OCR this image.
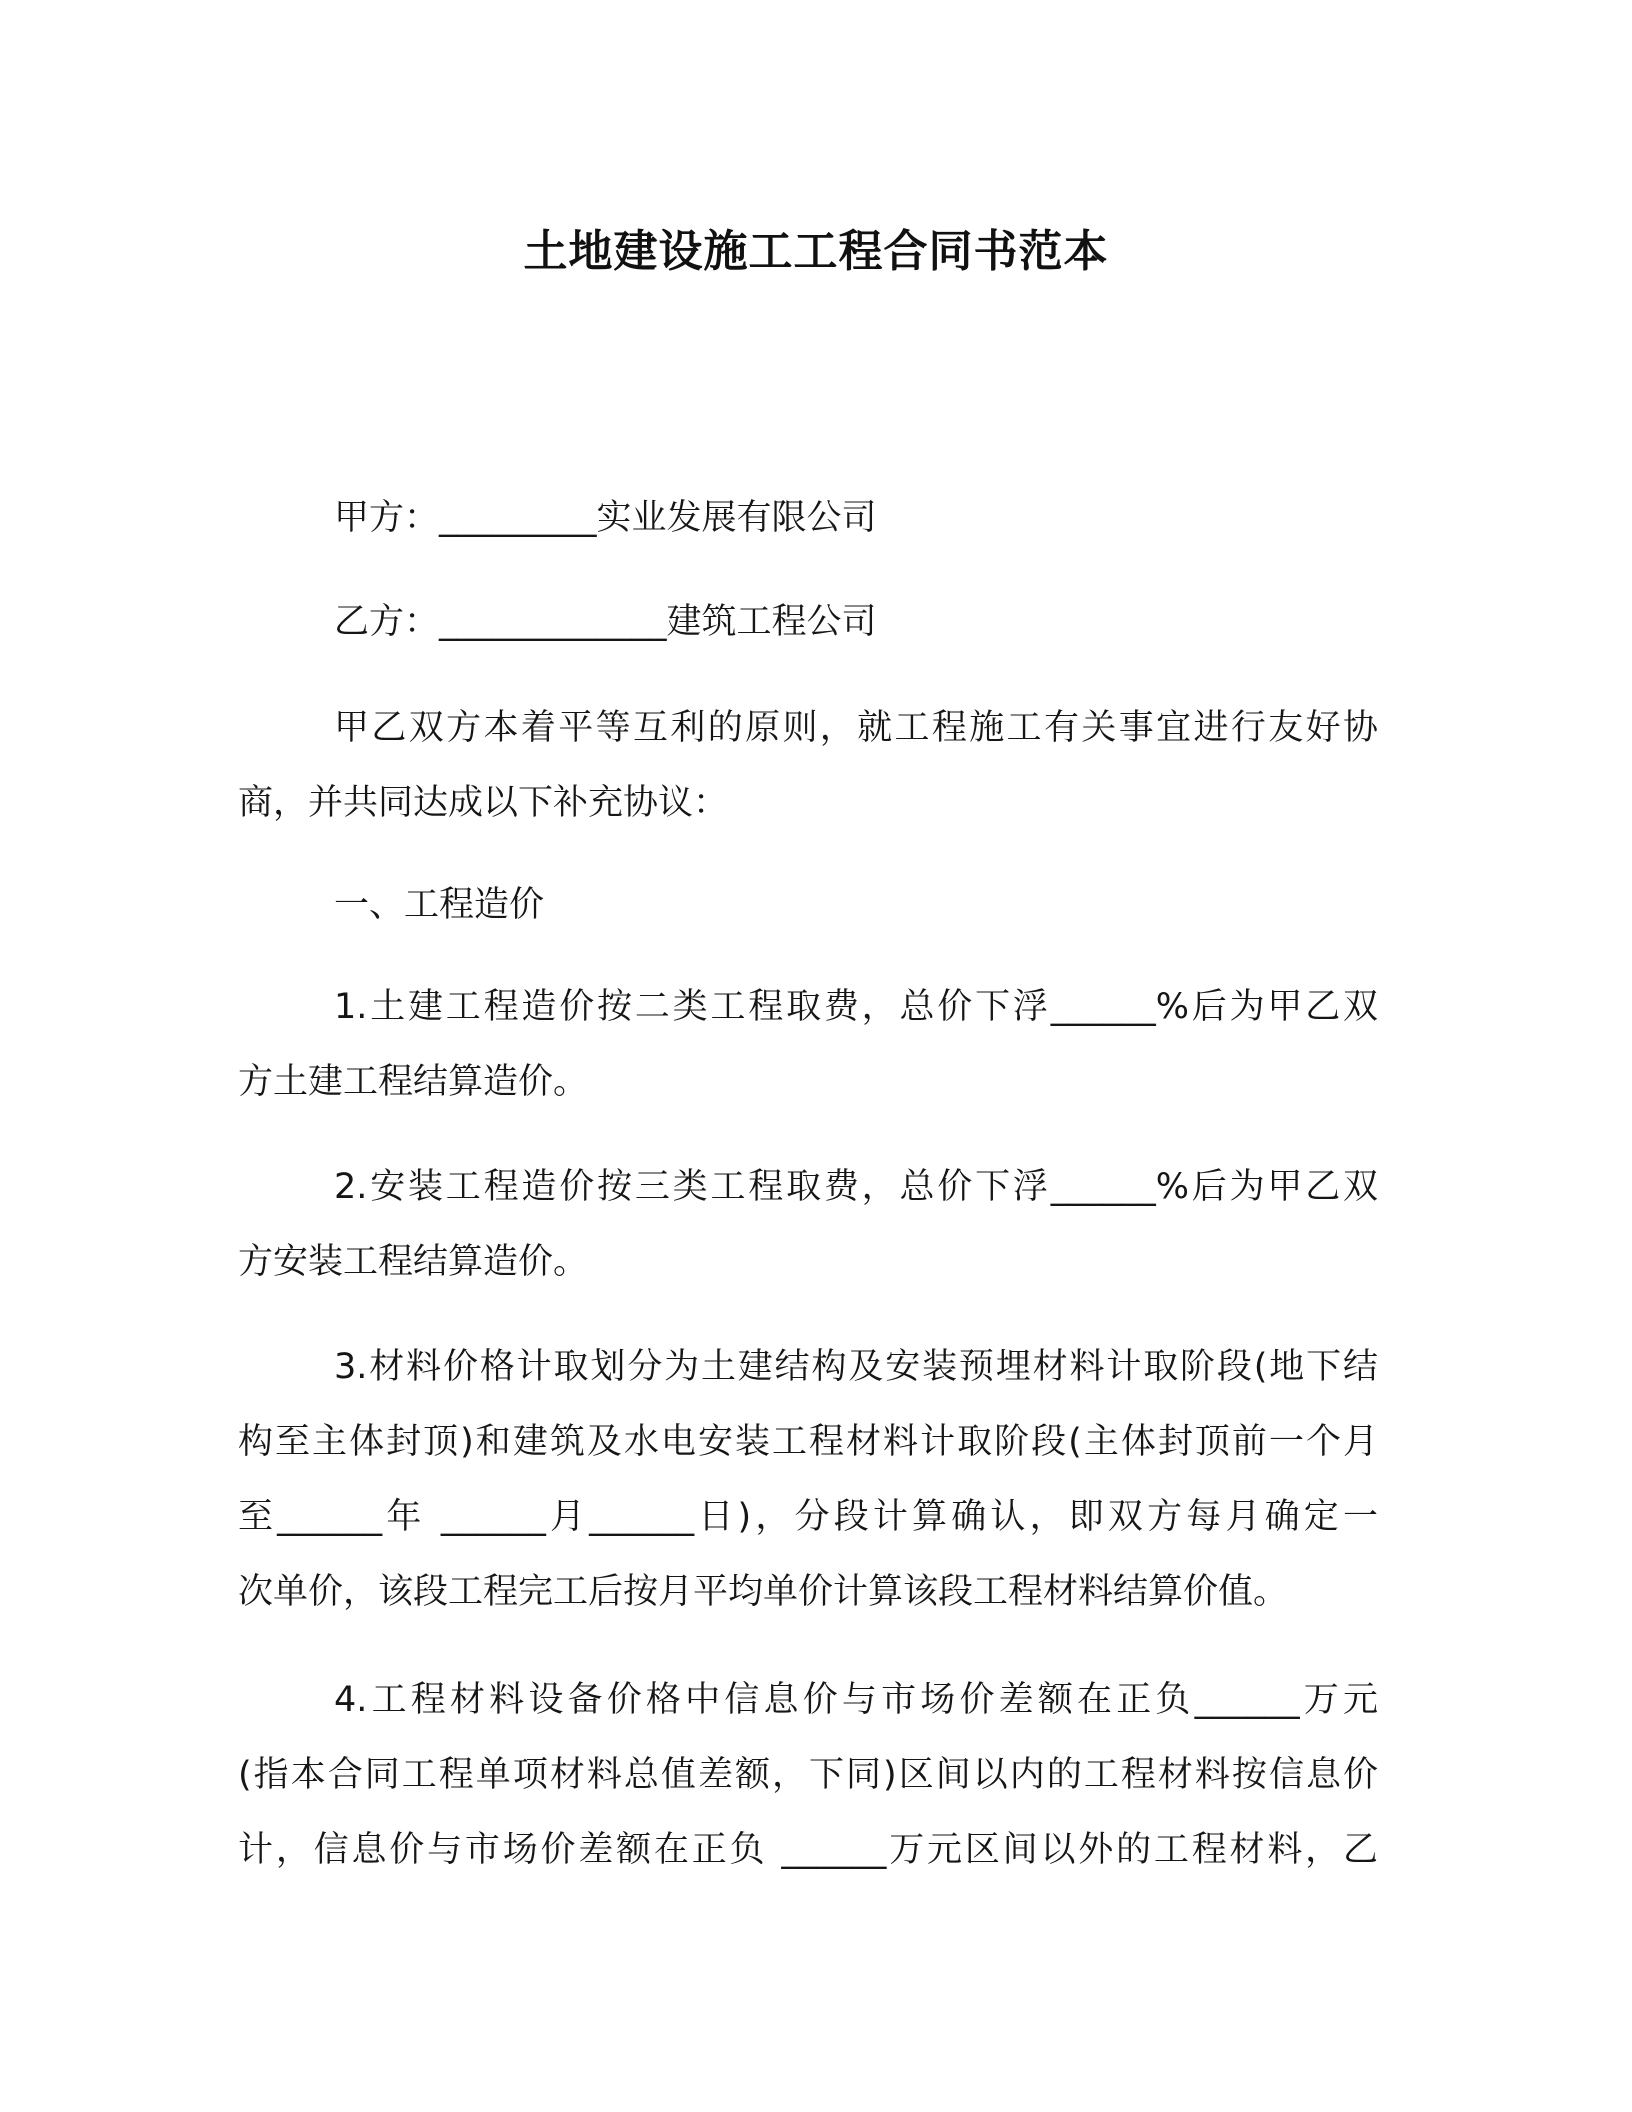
土地建设施工工程合同书范本
甲方：_________实业发展有限公司
乙方：_____________建筑工程公司
甲乙双方本着平等互利的原则，就工程施工有关事宜进行友好协
商，并共同达成以下补充协议：
一、工程造价
1.土建工程造价按二类工程取费，总价下浮______%后为甲乙双
方土建工程结算造价。
2.安装工程造价按三类工程取费，总价下浮______%后为甲乙双
方安装工程结算造价。
3.材料价格计取划分为土建结构及安装预埋材料计取阶段(地下结
构至主体封顶)和建筑及水电安装工程材料计取阶段(主体封顶前一个月
至______年 ______月______日)，分段计算确认，即双方每月确定一
次单价，该段工程完工后按月平均单价计算该段工程材料结算价值。
4.工程材料设备价格中信息价与市场价差额在正负______万元
(指本合同工程单项材料总值差额，下同)区间以内的工程材料按信息价
计，信息价与市场价差额在正负 ______万元区间以外的工程材料，乙
